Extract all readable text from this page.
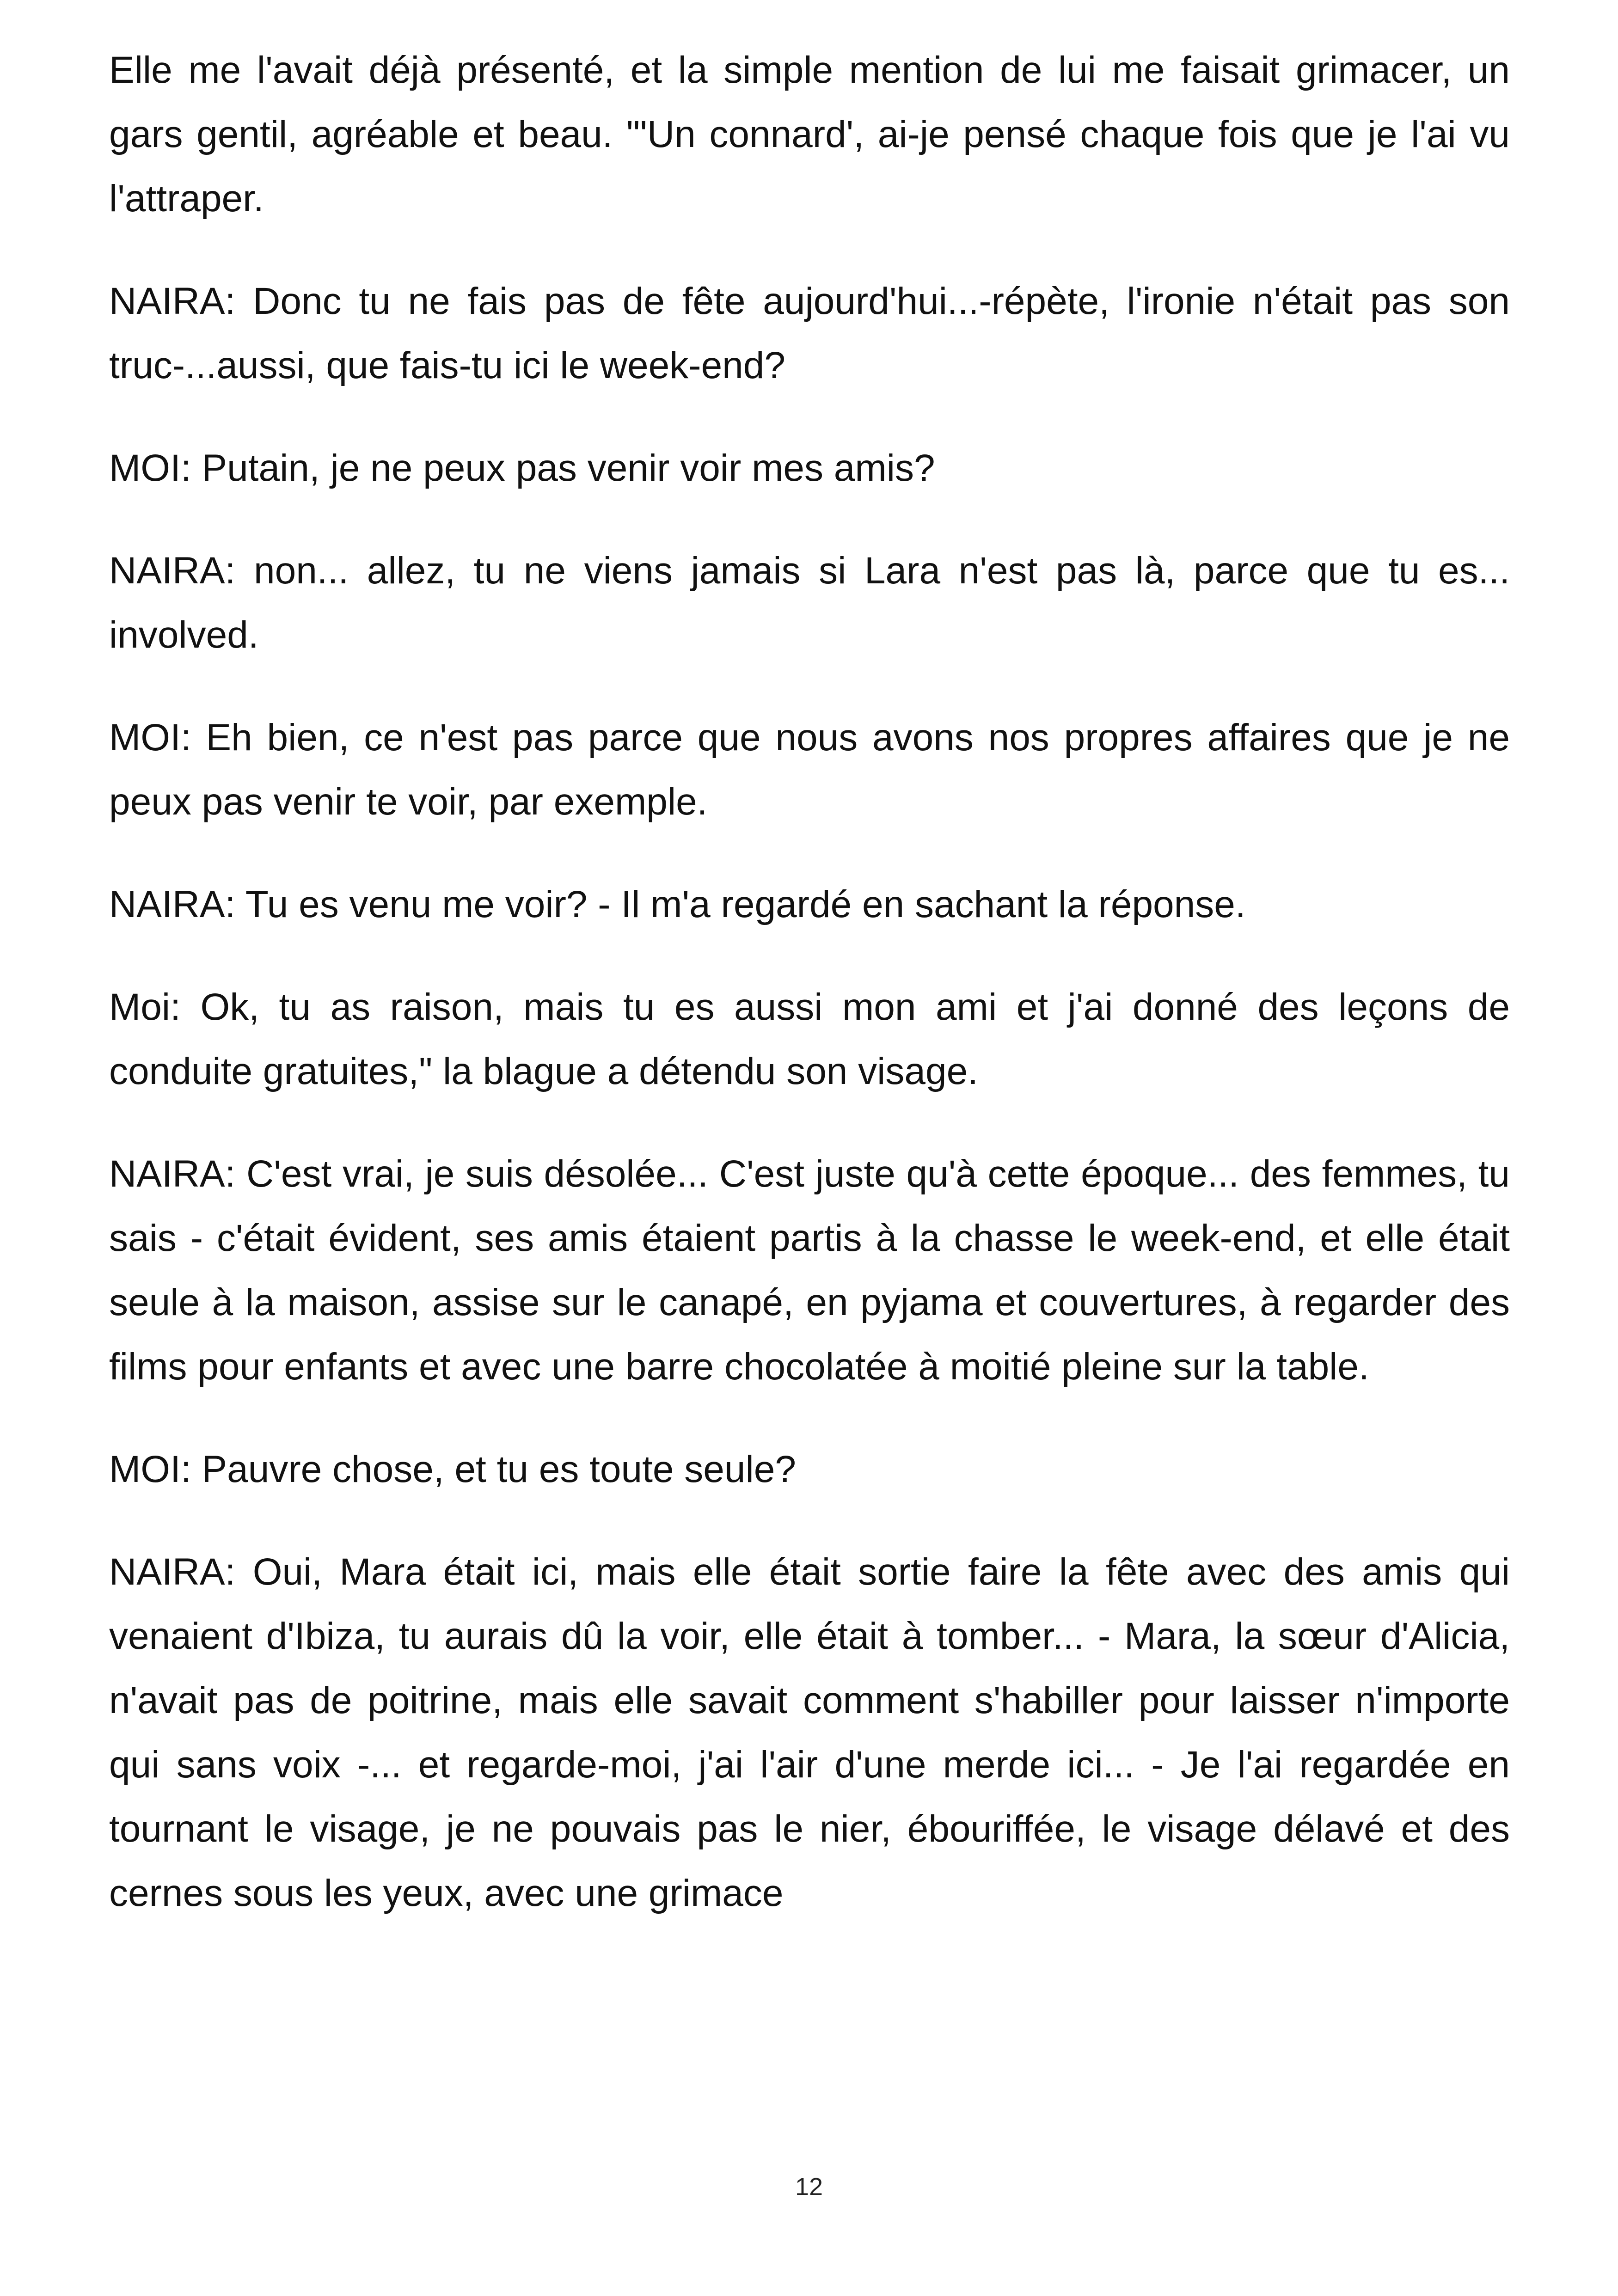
Elle me l'avait déjà présenté, et la simple mention de lui me faisait grimacer, un gars gentil, agréable et beau. "'Un connard', ai-je pensé chaque fois que je l'ai vu l'attraper.

NAIRA: Donc tu ne fais pas de fête aujourd'hui...-répète, l'ironie n'était pas son truc-...aussi, que fais-tu ici le week-end?

MOI: Putain, je ne peux pas venir voir mes amis?

NAIRA: non... allez, tu ne viens jamais si Lara n'est pas là, parce que tu es... involved.

MOI: Eh bien, ce n'est pas parce que nous avons nos propres affaires que je ne peux pas venir te voir, par exemple.

NAIRA: Tu es venu me voir? - Il m'a regardé en sachant la réponse.

Moi: Ok, tu as raison, mais tu es aussi mon ami et j'ai donné des leçons de conduite gratuites," la blague a détendu son visage.

NAIRA: C'est vrai, je suis désolée... C'est juste qu'à cette époque... des femmes, tu sais - c'était évident, ses amis étaient partis à la chasse le week-end, et elle était seule à la maison, assise sur le canapé, en pyjama et couvertures, à regarder des films pour enfants et avec une barre chocolatée à moitié pleine sur la table.

MOI: Pauvre chose, et tu es toute seule?

NAIRA: Oui, Mara était ici, mais elle était sortie faire la fête avec des amis qui venaient d'Ibiza, tu aurais dû la voir, elle était à tomber... - Mara, la sœur d'Alicia, n'avait pas de poitrine, mais elle savait comment s'habiller pour laisser n'importe qui sans voix -... et regarde-moi, j'ai l'air d'une merde ici... - Je l'ai regardée en tournant le visage, je ne pouvais pas le nier, ébouriffée, le visage délavé et des cernes sous les yeux, avec une grimace

12
